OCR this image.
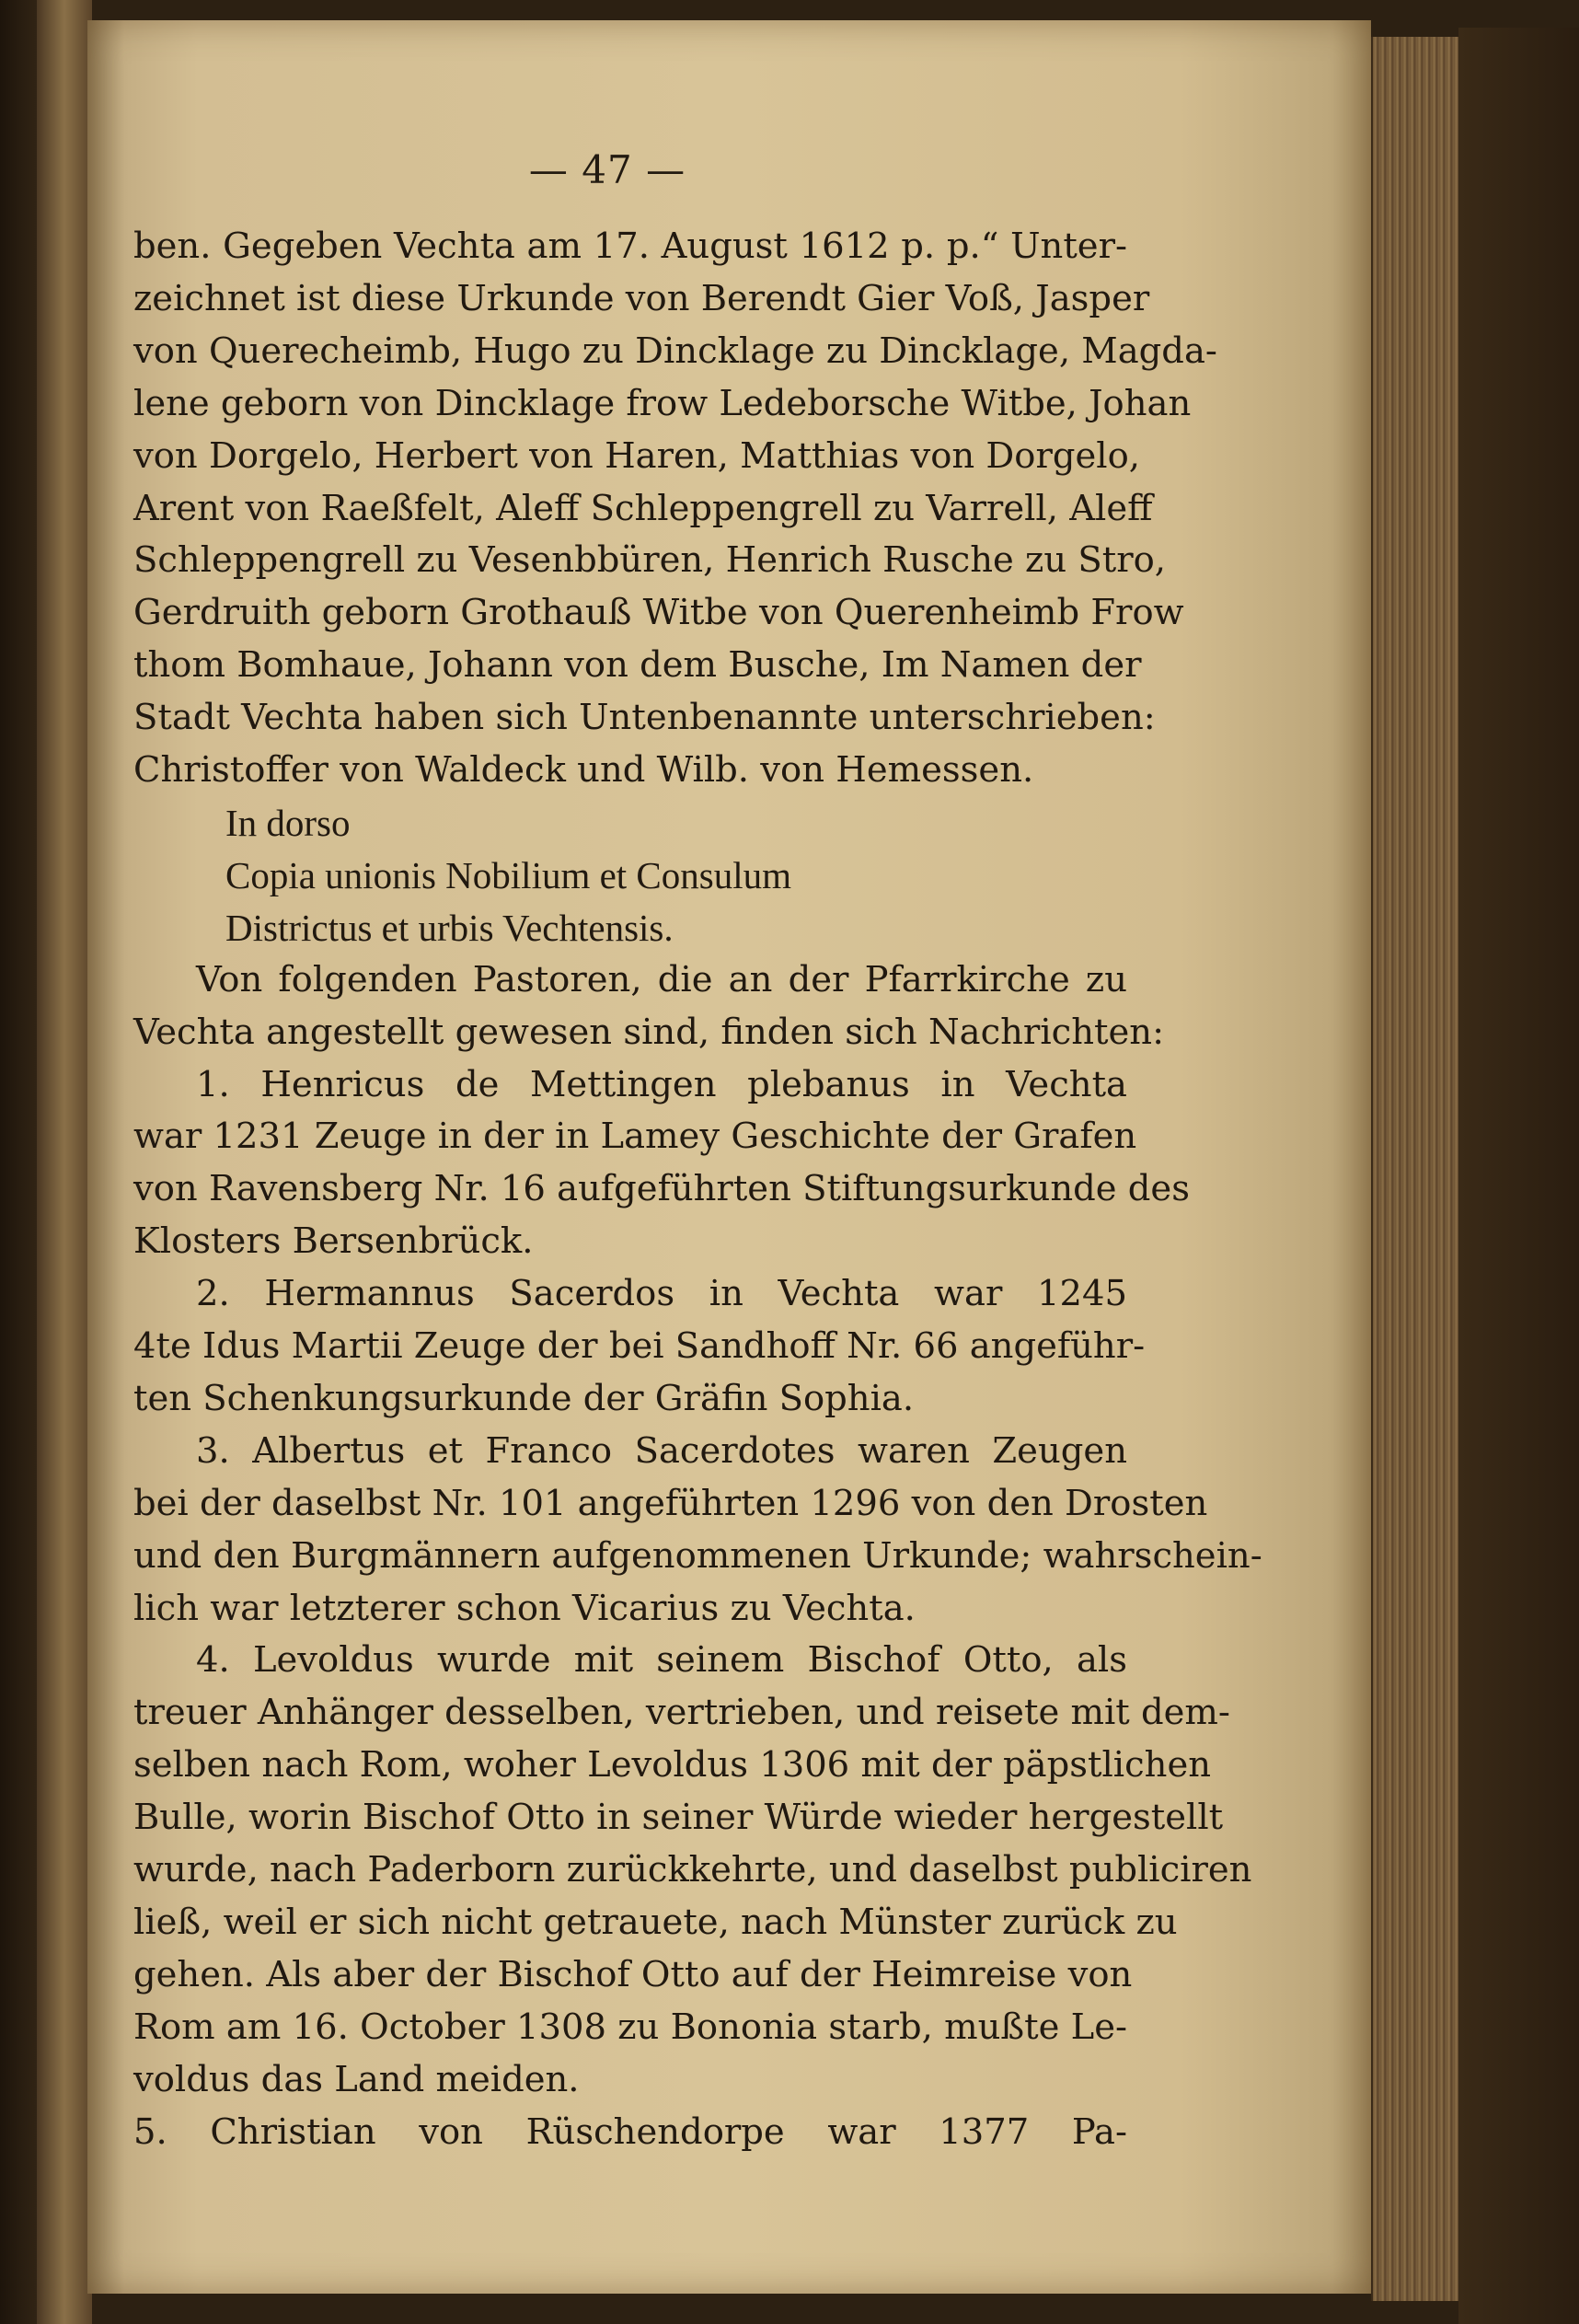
— 47 —
ben. Gegeben Vechta am 17. August 1612 p. p.“ Unter-
zeichnet ist diese Urkunde von Berendt Gier Voß, Jasper
von Querecheimb, Hugo zu Dincklage zu Dincklage, Magda-
lene geborn von Dincklage frow Ledeborsche Witbe, Johan
von Dorgelo, Herbert von Haren, Matthias von Dorgelo,
Arent von Raeßfelt, Aleff Schleppengrell zu Varrell, Aleff
Schleppengrell zu Vesenbbüren, Henrich Rusche zu Stro,
Gerdruith geborn Grothauß Witbe von Querenheimb Frow
thom Bomhaue, Johann von dem Busche, Im Namen der
Stadt Vechta haben sich Untenbenannte unterschrieben:
Christoffer von Waldeck und Wilb. von Hemessen.
In dorso
Copia unionis Nobilium et Consulum
Districtus et urbis Vechtensis.
Von folgenden Pastoren, die an der Pfarrkirche zu
Vechta angestellt gewesen sind, finden sich Nachrichten:
1. Henricus de Mettingen plebanus in Vechta
war 1231 Zeuge in der in Lamey Geschichte der Grafen
von Ravensberg Nr. 16 aufgeführten Stiftungsurkunde des
Klosters Bersenbrück.
2. Hermannus Sacerdos in Vechta war 1245
4te Idus Martii Zeuge der bei Sandhoff Nr. 66 angeführ-
ten Schenkungsurkunde der Gräfin Sophia.
3. Albertus et Franco Sacerdotes waren Zeugen
bei der daselbst Nr. 101 angeführten 1296 von den Drosten
und den Burgmännern aufgenommenen Urkunde; wahrschein-
lich war letzterer schon Vicarius zu Vechta.
4. Levoldus wurde mit seinem Bischof Otto, als
treuer Anhänger desselben, vertrieben, und reisete mit dem-
selben nach Rom, woher Levoldus 1306 mit der päpstlichen
Bulle, worin Bischof Otto in seiner Würde wieder hergestellt
wurde, nach Paderborn zurückkehrte, und daselbst publiciren
ließ, weil er sich nicht getrauete, nach Münster zurück zu
gehen. Als aber der Bischof Otto auf der Heimreise von
Rom am 16. October 1308 zu Bononia starb, mußte Le-
voldus das Land meiden.
5. Christian von Rüschendorpe war 1377 Pa-
